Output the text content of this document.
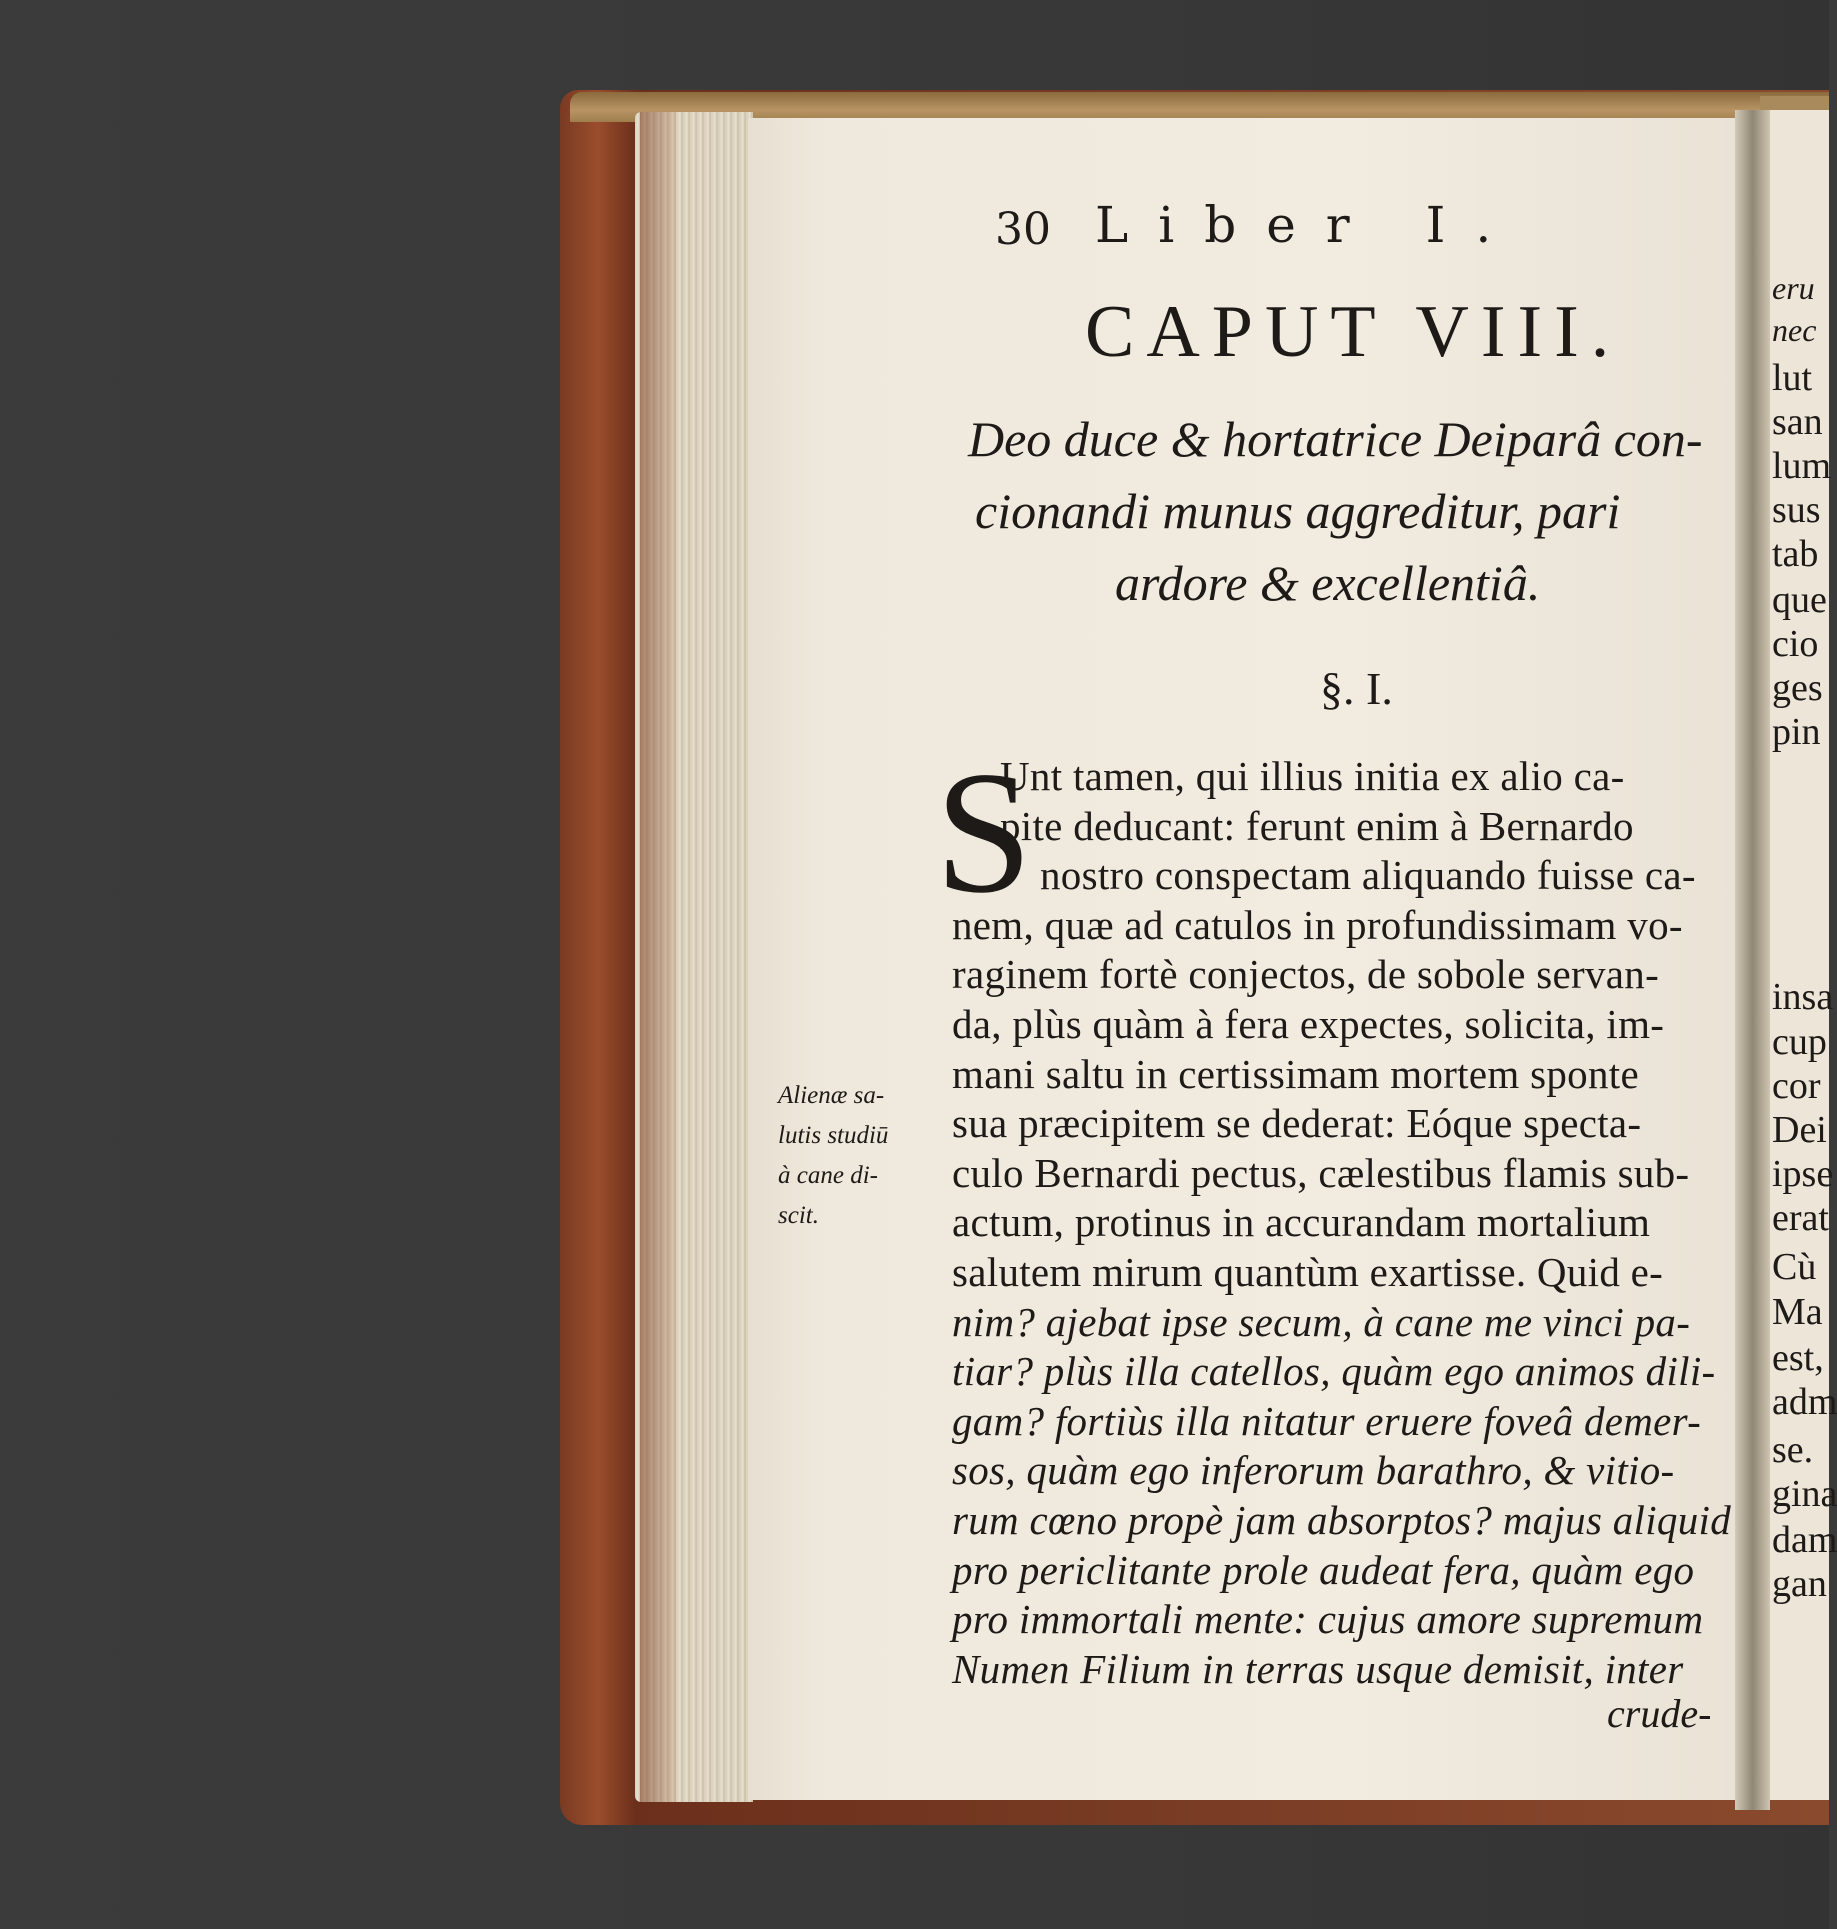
30 Liber I.
CAPUT VIII.
Deo duce & hortatrice Deiparâ con-
cionandi munus aggreditur, pari
ardore & excellentiâ.
§. I.
S
Unt tamen, qui illius initia ex alio ca-
pite deducant: ferunt enim à Bernardo
nostro conspectam aliquando fuisse ca-
nem, quæ ad catulos in profundissimam vo-
raginem fortè conjectos, de sobole servan-
da, plùs quàm à fera expectes, solicita, im-
mani saltu in certissimam mortem sponte
sua præcipitem se dederat: Eóque specta-
culo Bernardi pectus, cælestibus flamis sub-
actum, protinus in accurandam mortalium
salutem mirum quantùm exartisse. Quid e-
nim? ajebat ipse secum, à cane me vinci pa-
tiar? plùs illa catellos, quàm ego animos dili-
gam? fortiùs illa nitatur eruere foveâ demer-
sos, quàm ego inferorum barathro, & vitio-
rum cœno propè jam absorptos? majus aliquid
pro periclitante prole audeat fera, quàm ego
pro immortali mente: cujus amore supremum
Numen Filium in terras usque demisit, inter
crude-
Alienæ sa-
lutis studiū
à cane di-
scit.
eru
nec
lut
san
lum
sus
tab
que
cio
ges
pin
insa
cup
cor
Dei
ipse
erat
Cù
Ma
est,
adm
se.
gina
dam
gan
